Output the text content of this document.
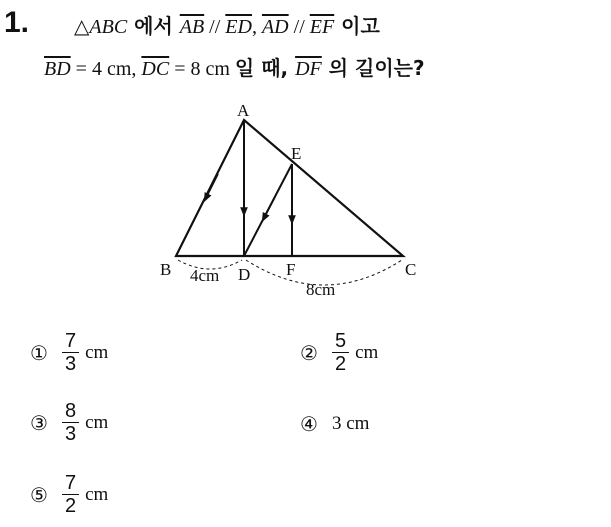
1. △ABC 에서 $\overline{AB} // \overline{ED}$, $\overline{AD} // \overline{EF}$ 이고
$\overline{BD} = 4$ cm, $\overline{DC} = 8$ cm 일 때, $\overline{DF}$ 의 길이는?
A
B	C
D
E
F
4cm
8cm
① $\frac{7}{3}$ cm	② $\frac{5}{2}$ cm
③ $\frac{8}{3}$ cm	④ 3 cm
⑤ $\frac{7}{2}$ cm
